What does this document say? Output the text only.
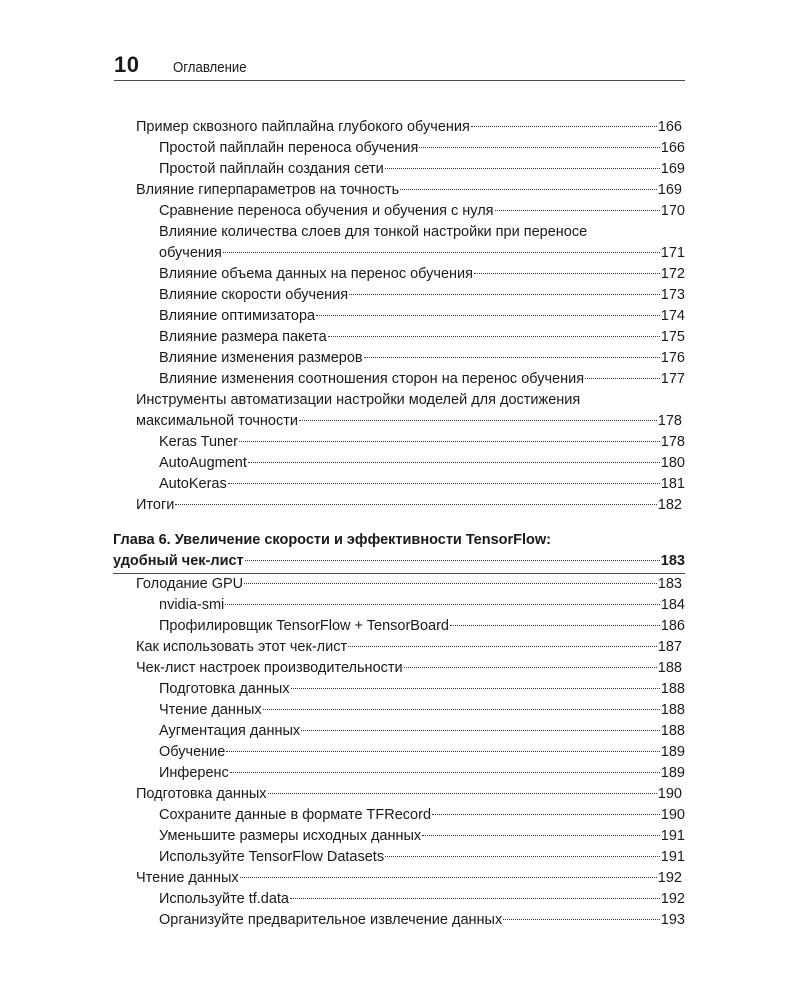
10 Оглавление
Пример сквозного пайплайна глубокого обучения	166
Простой пайплайн переноса обучения	166
Простой пайплайн создания сети	169
Влияние гиперпараметров на точность	169
Сравнение переноса обучения и обучения с нуля	170
Влияние количества слоев для тонкой настройки при переносе
обучения	171
Влияние объема данных на перенос обучения	172
Влияние скорости обучения	173
Влияние оптимизатора	174
Влияние размера пакета	175
Влияние изменения размеров	176
Влияние изменения соотношения сторон на перенос обучения	177
Инструменты автоматизации настройки моделей для достижения
максимальной точности	178
Keras Tuner	178
AutoAugment	180
AutoKeras	181
Итоги	182
Глава 6. Увеличение скорости и эффективности TensorFlow:
удобный чек-лист	183
Голодание GPU	183
nvidia-smi	184
Профилировщик TensorFlow + TensorBoard	186
Как использовать этот чек-лист	187
Чек-лист настроек производительности	188
Подготовка данных	188
Чтение данных	188
Аугментация данных	188
Обучение	189
Инференс	189
Подготовка данных	190
Сохраните данные в формате TFRecord	190
Уменьшите размеры исходных данных	191
Используйте TensorFlow Datasets	191
Чтение данных	192
Используйте tf.data	192
Организуйте предварительное извлечение данных	193
